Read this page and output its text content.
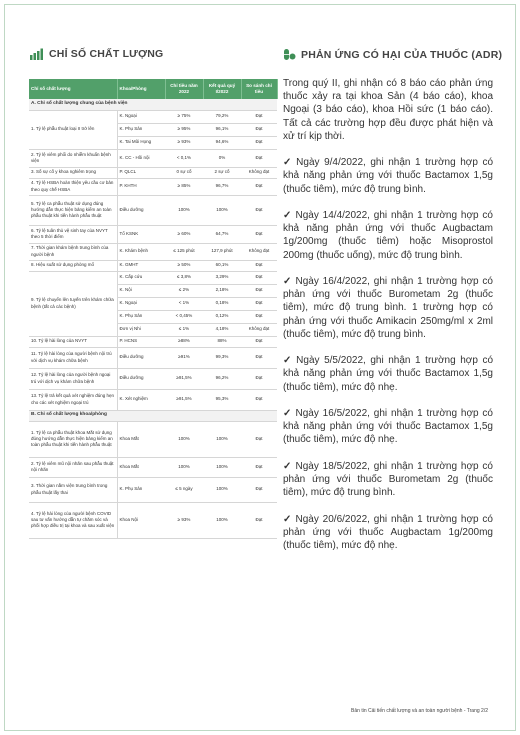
CHỈ SỐ CHẤT LƯỢNG	PHẢN ỨNG CÓ HẠI CỦA THUỐC (ADR)
Chỉ số chất lượng	Khoa/Phòng	Chỉ tiêu năm 2022	Kết quả quý I/2022	So sánh chỉ tiêu
A. Chỉ số chất lượng chung của bệnh viện				
1. Tỷ lệ phẫu thuật loại II trở lên	K. Ngoại	≥ 75%	79,2%	Đạt
	K. Phụ Sản	≥ 95%	96,1%	Đạt
	K. Tai Mũi Họng	≥ 93%	94,6%	Đạt
2. Tỷ lệ viêm phổi do nhiễm khuẩn bệnh viện	K. CC - Hồi nội	< 0,1%	0%	Đạt
3. Số sự cố y khoa nghiêm trọng	P. QLCL	0 sự cố	2 sự cố	Không đạt
4. Tỷ lệ HSBA hoàn thiện yêu cầu cơ bản theo quy chế HSBA	P. KHTH	≥ 85%	96,7%	Đạt
5. Tỷ lệ ca phẫu thuật sử dụng đúng hướng dẫn thực hiện bảng kiểm an toàn phẫu thuật khi tiến hành phẫu thuật	Điều dưỡng	100%	100%	Đạt
6. Tỷ lệ tuân thủ vệ sinh tay của NVYT theo 5 thời điểm	Tổ KSNK	≥ 60%	64,7%	Đạt
7. Thời gian khám bệnh trung bình của người bệnh	K. Khám bệnh	≤ 125 phút	127,9 phút	Không đạt
8. Hiệu suất sử dụng phòng mổ	K. GMHT	≥ 50%	60,1%	Đạt
9. Tỷ lệ chuyển lên tuyến trên khám chữa bệnh (tất cả các bệnh)	K. Cấp cứu	≤ 3,8%	3,29%	Đạt
	K. Nội	≤ 2%	2,18%	Đạt
	K. Ngoại	< 1%	0,18%	Đạt
	K. Phụ Sản	< 0,45%	0,12%	Đạt
	Đơn vị Nhi	≤ 1%	4,18%	Không đạt
10. Tỷ lệ hài lòng của NVYT	P. HCNS	≥88%	88%	Đạt
11. Tỷ lệ hài lòng của người bệnh nội trú với dịch vụ khám chữa bệnh	Điều dưỡng	≥91%	99,3%	Đạt
12. Tỷ lệ hài lòng của người bệnh ngoại trú với dịch vụ khám chữa bệnh	Điều dưỡng	≥91,5%	96,2%	Đạt
13. Tỷ lệ trả kết quả xét nghiệm đúng hẹn cho các xét nghiệm ngoại trú	K. Xét nghiệm	≥91,5%	95,3%	Đạt
B. Chỉ số chất lượng khoa/phòng				
1. Tỷ lệ ca phẫu thuật khoa Mắt sử dụng đúng hướng dẫn thực hiện bảng kiểm an toàn phẫu thuật khi tiến hành phẫu thuật	Khoa Mắt	100%	100%	Đạt
2. Tỷ lệ viêm mũ nội nhãn sau phẫu thuật nội nhãn	Khoa Mắt	100%	100%	Đạt
3. Thời gian nằm viện trung bình trong phẫu thuật lấy thai	K. Phụ Sản	≤ 5 ngày	100%	Đạt
4. Tỷ lệ hài lòng của người bệnh COVID sau tư vấn hướng dẫn tự chăm sóc và phối hợp điều trị tại khoa và sau xuất viện	Khoa Nội	≥ 93%	100%	Đạt

Trong quý II, ghi nhận có 8 báo cáo phản ứng thuốc xảy ra tại khoa Sản (4 báo cáo), khoa Ngoại (3 báo cáo), khoa Hồi sức (1 báo cáo). Tất cả các trường hợp đều được phát hiện và xử trí kịp thời.

✓ Ngày 9/4/2022, ghi nhận 1 trường hợp có khả năng phản ứng với thuốc Bactamox 1,5g (thuốc tiêm), mức độ trung bình.

✓ Ngày 14/4/2022, ghi nhận 1 trường hợp có khả năng phản ứng với thuốc Augbactam 1g/200mg (thuốc tiêm) hoặc Misoprostol 200mg (thuốc uống), mức độ trung bình.

✓ Ngày 16/4/2022, ghi nhận 1 trường hợp có phản ứng với thuốc Burometam 2g (thuốc tiêm), mức độ trung bình. 1 trường hợp có phản ứng với thuốc Amikacin 250mg/ml x 2ml (thuốc tiêm), mức độ trung bình.

✓ Ngày 5/5/2022, ghi nhận 1 trường hợp có khả năng phản ứng với thuốc Bactamox 1,5g (thuốc tiêm), mức độ nhẹ.

✓ Ngày 16/5/2022, ghi nhận 1 trường hợp có khả năng phản ứng với thuốc Bactamox 1,5g (thuốc tiêm), mức độ nhẹ.

✓ Ngày 18/5/2022, ghi nhận 1 trường hợp có phản ứng với thuốc Burometam 2g (thuốc tiêm), mức độ trung bình.

✓ Ngày 20/6/2022, ghi nhận 1 trường hợp có phản ứng với thuốc Augbactam 1g/200mg (thuốc tiêm), mức độ nhẹ.

Bản tin Cải tiến chất lượng và an toàn người bệnh - Trang 2/2
